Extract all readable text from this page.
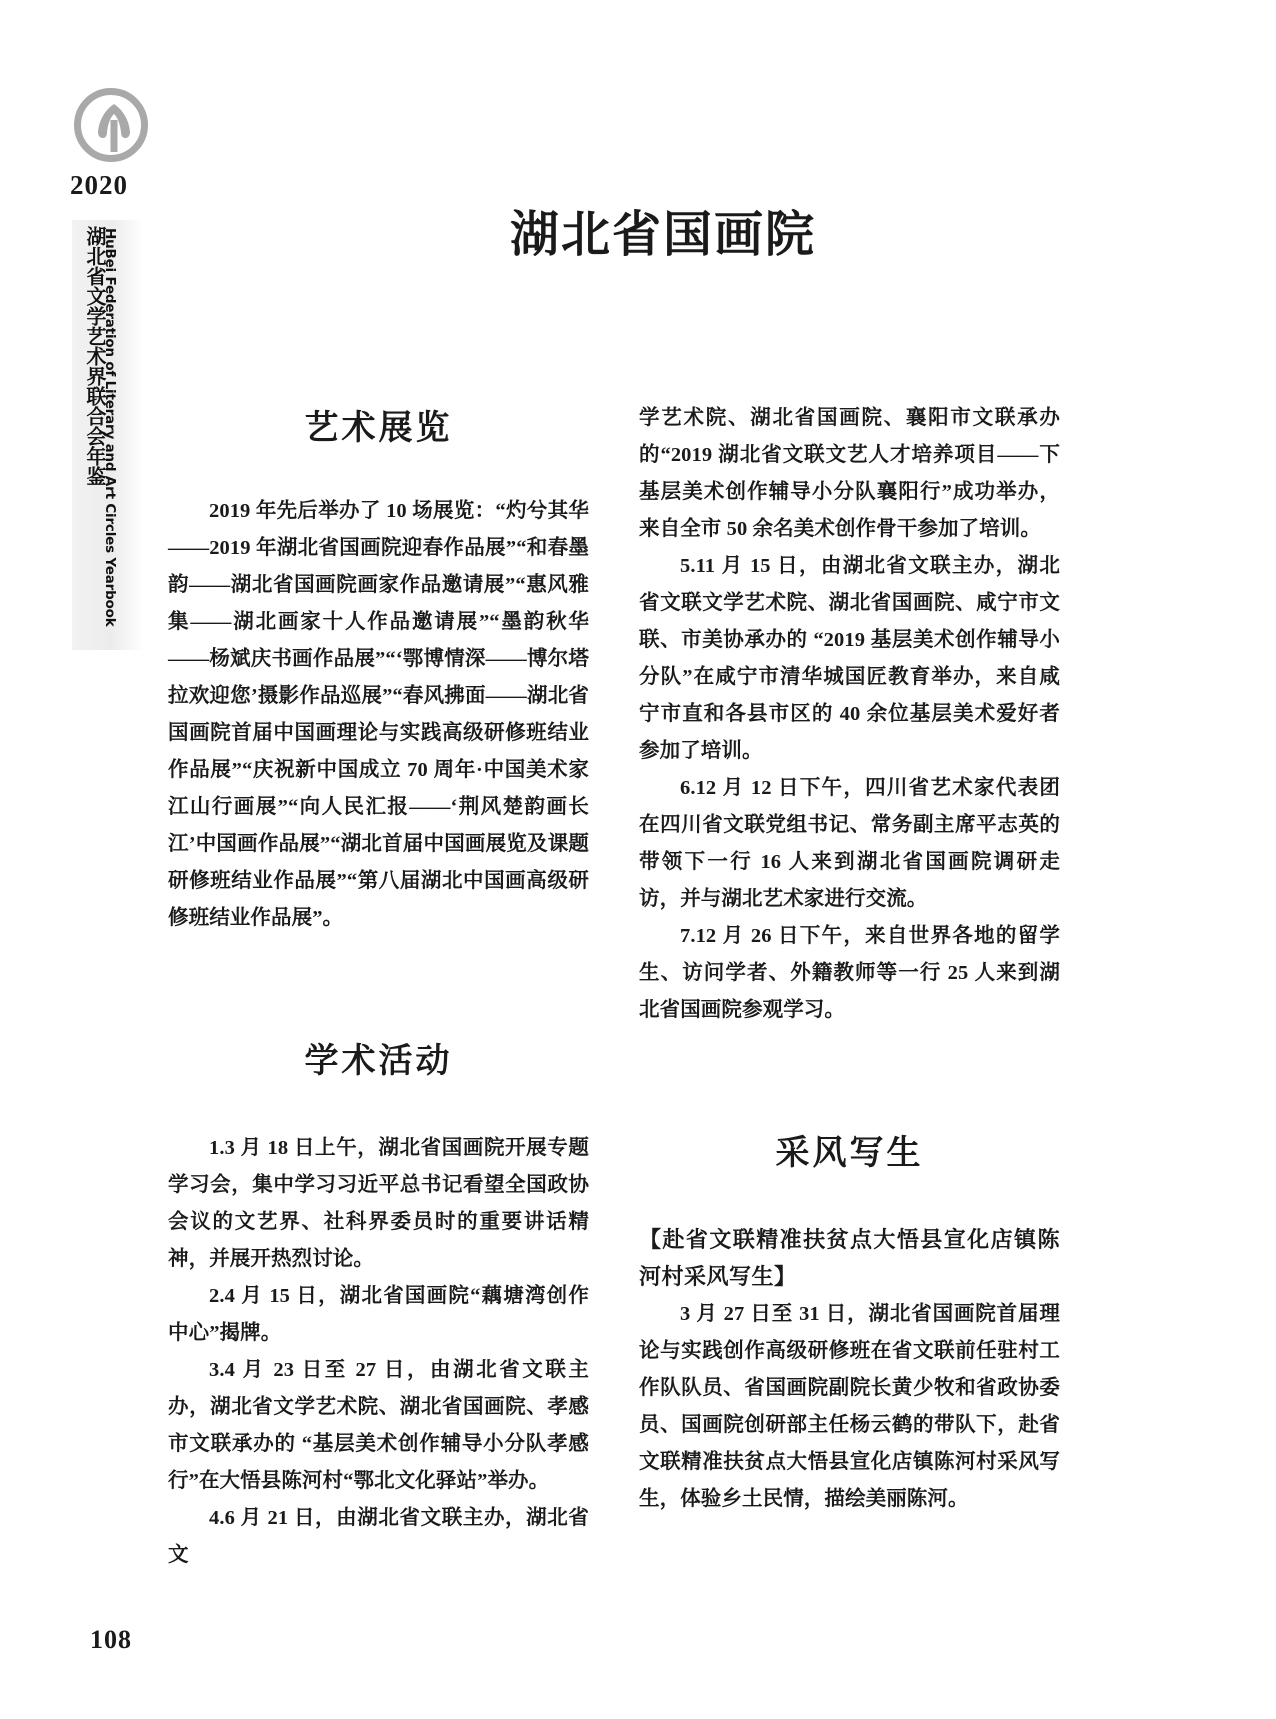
2020
湖北省文学艺术界联合会年鉴
HuBei Federation of Literary and Art Circles Yearbook	湖北省国画院
艺术展览

2019 年先后举办了 10 场展览：“灼兮其华——2019 年湖北省国画院迎春作品展”“和春墨韵——湖北省国画院画家作品邀请展”“惠风雅集——湖北画家十人作品邀请展”“墨韵秋华——杨斌庆书画作品展”“‘鄂博情深——博尔塔拉欢迎您’摄影作品巡展”“春风拂面——湖北省国画院首届中国画理论与实践高级研修班结业作品展”“庆祝新中国成立 70 周年·中国美术家江山行画展”“向人民汇报——‘荆风楚韵画长江’中国画作品展”“湖北首届中国画展览及课题研修班结业作品展”“第八届湖北中国画高级研修班结业作品展”。

学术活动

1.3 月 18 日上午，湖北省国画院开展专题学习会，集中学习习近平总书记看望全国政协会议的文艺界、社科界委员时的重要讲话精神，并展开热烈讨论。

2.4 月 15 日，湖北省国画院“藕塘湾创作中心”揭牌。

3.4 月 23 日至 27 日，由湖北省文联主办，湖北省文学艺术院、湖北省国画院、孝感市文联承办的 “基层美术创作辅导小分队孝感行”在大悟县陈河村“鄂北文化驿站”举办。

4.6 月 21 日，由湖北省文联主办，湖北省文

学艺术院、湖北省国画院、襄阳市文联承办的“2019 湖北省文联文艺人才培养项目——下基层美术创作辅导小分队襄阳行”成功举办，来自全市 50 余名美术创作骨干参加了培训。

5.11 月 15 日，由湖北省文联主办，湖北省文联文学艺术院、湖北省国画院、咸宁市文联、市美协承办的 “2019 基层美术创作辅导小分队”在咸宁市清华城国匠教育举办，来自咸宁市直和各县市区的 40 余位基层美术爱好者参加了培训。

6.12 月 12 日下午，四川省艺术家代表团在四川省文联党组书记、常务副主席平志英的带领下一行 16 人来到湖北省国画院调研走访，并与湖北艺术家进行交流。

7.12 月 26 日下午，来自世界各地的留学生、访问学者、外籍教师等一行 25 人来到湖北省国画院参观学习。

采风写生
【赴省文联精准扶贫点大悟县宣化店镇陈河村采风写生】

3 月 27 日至 31 日，湖北省国画院首届理论与实践创作高级研修班在省文联前任驻村工作队队员、省国画院副院长黄少牧和省政协委员、国画院创研部主任杨云鹤的带队下，赴省文联精准扶贫点大悟县宣化店镇陈河村采风写生，体验乡土民情，描绘美丽陈河。

108
